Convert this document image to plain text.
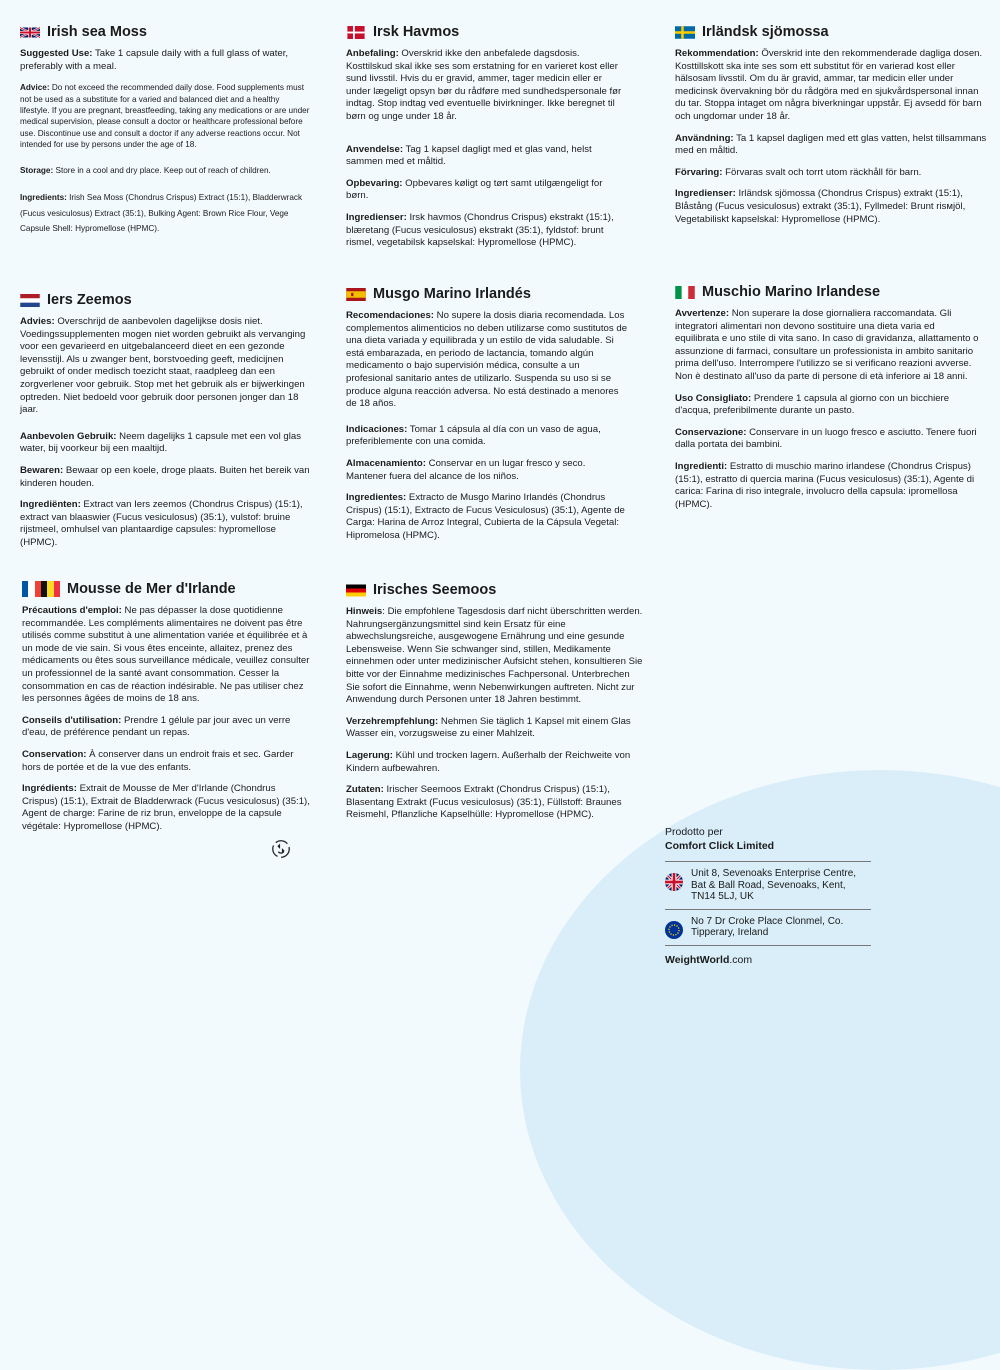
Irish sea Moss
Suggested Use: Take 1 capsule daily with a full glass of water, preferably with a meal.
Advice: Do not exceed the recommended daily dose. Food supplements must not be used as a substitute for a varied and balanced diet and a healthy lifestyle. If you are pregnant, breastfeeding, taking any medications or are under medical supervision, please consult a doctor or healthcare professional before use. Discontinue use and consult a doctor if any adverse reactions occur. Not intended for use by persons under the age of 18.
Storage: Store in a cool and dry place. Keep out of reach of children.
Ingredients: Irish Sea Moss (Chondrus Crispus) Extract (15:1), Bladderwrack (Fucus vesiculosus) Extract (35:1), Bulking Agent: Brown Rice Flour, Vege Capsule Shell: Hypromellose (HPMC).
Irsk Havmos
Anbefaling: Overskrid ikke den anbefalede dagsdosis. Kosttilskud skal ikke ses som erstatning for en varieret kost eller sund livsstil. Hvis du er gravid, ammer, tager medicin eller er under lægeligt opsyn bør du rådføre med sundhedspersonale før indtag. Stop indtag ved eventuelle bivirkninger. Ikke beregnet til børn og unge under 18 år.
Anvendelse: Tag 1 kapsel dagligt med et glas vand, helst sammen med et måltid.
Opbevaring: Opbevares køligt og tørt samt utilgængeligt for børn.
Ingredienser: Irsk havmos (Chondrus Crispus) ekstrakt (15:1), blæretang (Fucus vesiculosus) ekstrakt (35:1), fyldstof: brunt rismel, vegetabilsk kapselskal: Hypromellose (HPMC).
Irländsk sjömossa
Rekommendation: Överskrid inte den rekommenderade dagliga dosen. Kosttillskott ska inte ses som ett substitut för en varierad kost eller hälsosam livsstil. Om du är gravid, ammar, tar medicin eller under medicinsk övervakning bör du rådgöra med en sjukvårdspersonal innan du tar. Stoppa intaget om några biverkningar uppstår. Ej avsedd för barn och ungdomar under 18 år.
Användning: Ta 1 kapsel dagligen med ett glas vatten, helst tillsammans med en måltid.
Förvaring: Förvaras svalt och torrt utom räckhåll för barn.
Ingredienser: Irländsk sjömossa (Chondrus Crispus) extrakt (15:1), Blåstång (Fucus vesiculosus) extrakt (35:1), Fyllmedel: Brunt risмjöl, Vegetabiliskt kapselskal: Hypromellose (HPMC).
Iers Zeemos
Advies: Overschrijd de aanbevolen dagelijkse dosis niet. Voedingssupplementen mogen niet worden gebruikt als vervanging voor een gevarieerd en uitgebalanceerd dieet en een gezonde levensstijl. Als u zwanger bent, borstvoeding geeft, medicijnen gebruikt of onder medisch toezicht staat, raadpleeg dan een zorgverlener voor gebruik. Stop met het gebruik als er bijwerkingen optreden. Niet bedoeld voor gebruik door personen jonger dan 18 jaar.
Aanbevolen Gebruik: Neem dagelijks 1 capsule met een vol glas water, bij voorkeur bij een maaltijd.
Bewaren: Bewaar op een koele, droge plaats. Buiten het bereik van kinderen houden.
Ingrediënten: Extract van Iers zeemos (Chondrus Crispus) (15:1), extract van blaaswier (Fucus vesiculosus) (35:1), vulstof: bruine rijstmeel, omhulsel van plantaardige capsules: hypromellose (HPMC).
Musgo Marino Irlandés
Recomendaciones: No supere la dosis diaria recomendada. Los complementos alimenticios no deben utilizarse como sustitutos de una dieta variada y equilibrada y un estilo de vida saludable. Si está embarazada, en periodo de lactancia, tomando algún medicamento o bajo supervisión médica, consulte a un profesional sanitario antes de utilizarlo. Suspenda su uso si se produce alguna reacción adversa. No está destinado a menores de 18 años.
Indicaciones: Tomar 1 cápsula al día con un vaso de agua, preferiblemente con una comida.
Almacenamiento: Conservar en un lugar fresco y seco. Mantener fuera del alcance de los niños.
Ingredientes: Extracto de Musgo Marino Irlandés (Chondrus Crispus) (15:1), Extracto de Fucus Vesiculosus) (35:1), Agente de Carga: Harina de Arroz Integral, Cubierta de la Cápsula Vegetal: Hipromelosa (HPMC).
Muschio Marino Irlandese
Avvertenze: Non superare la dose giornaliera raccomandata. Gli integratori alimentari non devono sostituire una dieta varia ed equilibrata e uno stile di vita sano. In caso di gravidanza, allattamento o assunzione di farmaci, consultare un professionista in ambito sanitario prima dell'uso. Interrompere l'utilizzo se si verificano reazioni avverse. Non è destinato all'uso da parte di persone di età inferiore ai 18 anni.
Uso Consigliato: Prendere 1 capsula al giorno con un bicchiere d'acqua, preferibilmente durante un pasto.
Conservazione: Conservare in un luogo fresco e asciutto. Tenere fuori dalla portata dei bambini.
Ingredienti: Estratto di muschio marino irlandese (Chondrus Crispus) (15:1), estratto di quercia marina (Fucus vesiculosus) (35:1), Agente di carica: Farina di riso integrale, involucro della capsula: ipromellosa (HPMC).
Mousse de Mer d'Irlande
Précautions d'emploi: Ne pas dépasser la dose quotidienne recommandée. Les compléments alimentaires ne doivent pas être utilisés comme substitut à une alimentation variée et équilibrée et à un mode de vie sain. Si vous êtes enceinte, allaitez, prenez des médicaments ou êtes sous surveillance médicale, veuillez consulter un professionnel de la santé avant consommation. Cesser la consommation en cas de réaction indésirable. Ne pas utiliser chez les personnes âgées de moins de 18 ans.
Conseils d'utilisation: Prendre 1 gélule par jour avec un verre d'eau, de préférence pendant un repas.
Conservation: À conserver dans un endroit frais et sec. Garder hors de portée et de la vue des enfants.
Ingrédients: Extrait de Mousse de Mer d'Irlande (Chondrus Crispus) (15:1), Extrait de Bladderwrack (Fucus vesiculosus) (35:1), Agent de charge: Farine de riz brun, enveloppe de la capsule végétale: Hypromellose (HPMC).
Irisches Seemoos
Hinweis: Die empfohlene Tagesdosis darf nicht überschritten werden. Nahrungsergänzungsmittel sind kein Ersatz für eine abwechslungsreiche, ausgewogene Ernährung und eine gesunde Lebensweise. Wenn Sie schwanger sind, stillen, Medikamente einnehmen oder unter medizinischer Aufsicht stehen, konsultieren Sie bitte vor der Einnahme medizinisches Fachpersonal. Unterbrechen Sie sofort die Einnahme, wenn Nebenwirkungen auftreten. Nicht zur Anwendung durch Personen unter 18 Jahren bestimmt.
Verzehrempfehlung: Nehmen Sie täglich 1 Kapsel mit einem Glas Wasser ein, vorzugsweise zu einer Mahlzeit.
Lagerung: Kühl und trocken lagern. Außerhalb der Reichweite von Kindern aufbewahren.
Zutaten: Irischer Seemoos Extrakt (Chondrus Crispus) (15:1), Blasentang Extrakt (Fucus vesiculosus) (35:1), Füllstoff: Braunes Reismehl, Pflanzliche Kapselhülle: Hypromellose (HPMC).
Prodotto per
Comfort Click Limited
Unit 8, Sevenoaks Enterprise Centre, Bat & Ball Road, Sevenoaks, Kent, TN14 5LJ, UK
No 7 Dr Croke Place Clonmel, Co. Tipperary, Ireland
WeightWorld.com
